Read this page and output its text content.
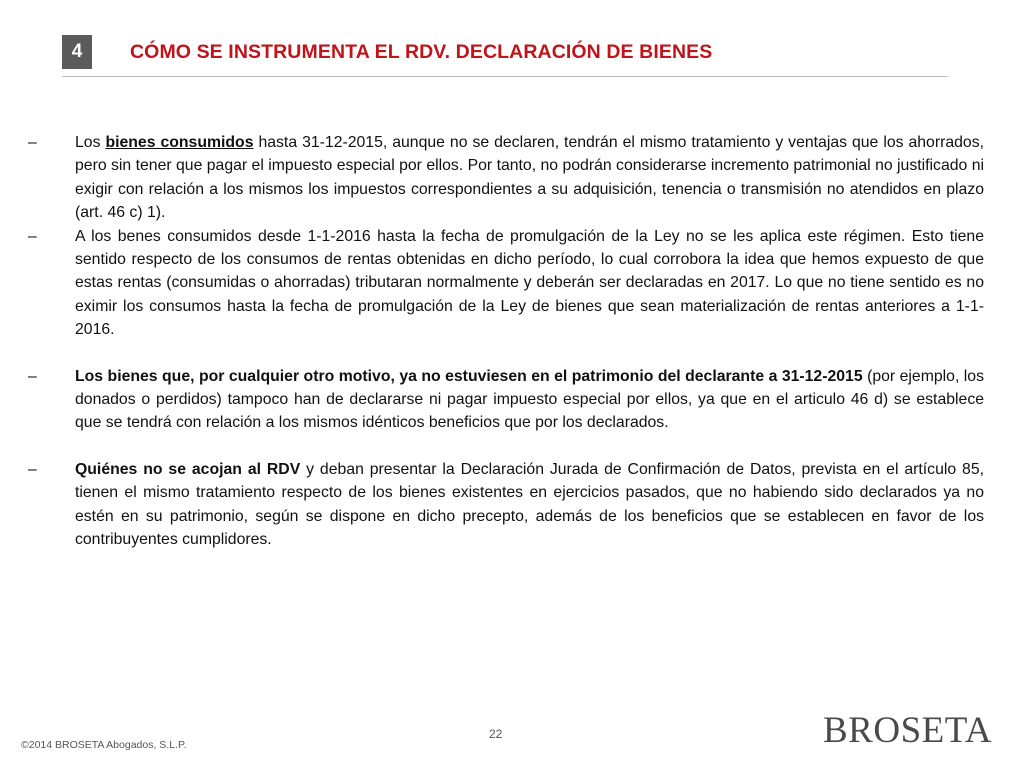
4	CÓMO SE INSTRUMENTA EL RDV. DECLARACIÓN DE BIENES
–	Los bienes consumidos hasta 31-12-2015, aunque no se declaren, tendrán el mismo tratamiento y ventajas que los ahorrados, pero sin tener que pagar el impuesto especial por ellos. Por tanto, no podrán considerarse incremento patrimonial no justificado ni exigir con relación a los mismos los impuestos correspondientes a su adquisición, tenencia o transmisión no atendidos en plazo (art. 46 c) 1).
–	A los benes consumidos desde 1-1-2016 hasta la fecha de promulgación de la Ley no se les aplica este régimen. Esto tiene sentido respecto de los consumos de rentas obtenidas en dicho período, lo cual corrobora la idea que hemos expuesto de que estas rentas (consumidas o ahorradas) tributaran normalmente y deberán ser declaradas en 2017. Lo que no tiene sentido es no eximir los consumos hasta la fecha de promulgación de la Ley de bienes que sean materialización de rentas anteriores a 1-1-2016.
–	Los bienes que, por cualquier otro motivo, ya no estuviesen en el patrimonio del declarante a 31-12-2015 (por ejemplo, los donados o perdidos) tampoco han de declararse ni pagar impuesto especial por ellos, ya que en el articulo 46 d) se establece que se tendrá con relación a los mismos idénticos beneficios que por los declarados.
–	Quiénes no se acojan al RDV y deban presentar la Declaración Jurada de Confirmación de Datos, prevista en el artículo 85, tienen el mismo tratamiento respecto de los bienes existentes en ejercicios pasados, que no habiendo sido declarados ya no estén en su patrimonio, según se dispone en dicho precepto, además de los beneficios que se establecen en favor de los contribuyentes cumplidores.
22
©2014 BROSETA Abogados, S.L.P.	BROSETA
